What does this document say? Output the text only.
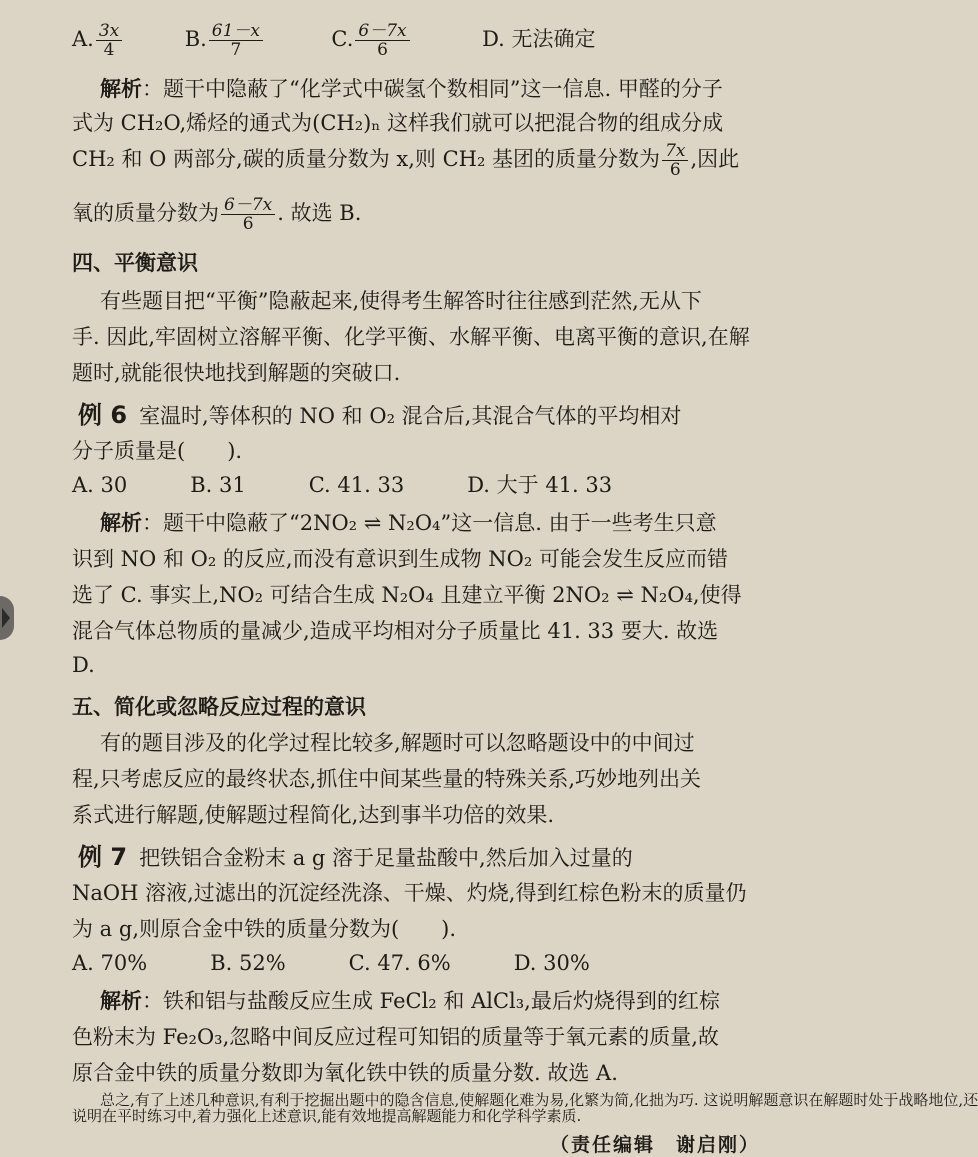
A. $\frac{3x}{4}$	B. $\frac{61-x}{7}$	C. $\frac{6-7x}{6}$	D. 无法确定
解析：题干中隐蔽了“化学式中碳氢个数相同”这一信息. 甲醛的分子
式为 CH₂O,烯烃的通式为(CH₂)ₙ 这样我们就可以把混合物的组成分成
CH₂ 和 O 两部分,碳的质量分数为 x,则 CH₂ 基团的质量分数为 $\frac{7x}{6}$ ,因此
氧的质量分数为 $\frac{6-7x}{6}$ . 故选 B.
四、平衡意识
有些题目把“平衡”隐蔽起来,使得考生解答时往往感到茫然,无从下
手. 因此,牢固树立溶解平衡、化学平衡、水解平衡、电离平衡的意识,在解
题时,就能很快地找到解题的突破口.
例 6 室温时,等体积的 NO 和 O₂ 混合后,其混合气体的平均相对
分子质量是(　　).
A. 30　　　B. 31　　　C. 41. 33　　　D. 大于 41. 33
解析：题干中隐蔽了“2NO₂ ⇌ N₂O₄”这一信息. 由于一些考生只意
识到 NO 和 O₂ 的反应,而没有意识到生成物 NO₂ 可能会发生反应而错
选了 C. 事实上,NO₂ 可结合生成 N₂O₄ 且建立平衡 2NO₂ ⇌ N₂O₄,使得
混合气体总物质的量减少,造成平均相对分子质量比 41. 33 要大. 故选
D.
五、简化或忽略反应过程的意识
有的题目涉及的化学过程比较多,解题时可以忽略题设中的中间过
程,只考虑反应的最终状态,抓住中间某些量的特殊关系,巧妙地列出关
系式进行解题,使解题过程简化,达到事半功倍的效果.
例 7 把铁铝合金粉末 a g 溶于足量盐酸中,然后加入过量的
NaOH 溶液,过滤出的沉淀经洗涤、干燥、灼烧,得到红棕色粉末的质量仍
为 a g,则原合金中铁的质量分数为(　　).
A. 70%　　　B. 52%　　　C. 47. 6%　　　D. 30%
解析：铁和铝与盐酸反应生成 FeCl₂ 和 AlCl₃,最后灼烧得到的红棕
色粉末为 Fe₂O₃,忽略中间反应过程可知铝的质量等于氧元素的质量,故
原合金中铁的质量分数即为氧化铁中铁的质量分数. 故选 A.
总之,有了上述几种意识,有利于挖掘出题中的隐含信息,使解题化难为易,化繁为简,化拙为巧. 这说明解题意识在解题时处于战略地位,还
说明在平时练习中,着力强化上述意识,能有效地提高解题能力和化学科学素质.
（责任编辑　谢启刚）
